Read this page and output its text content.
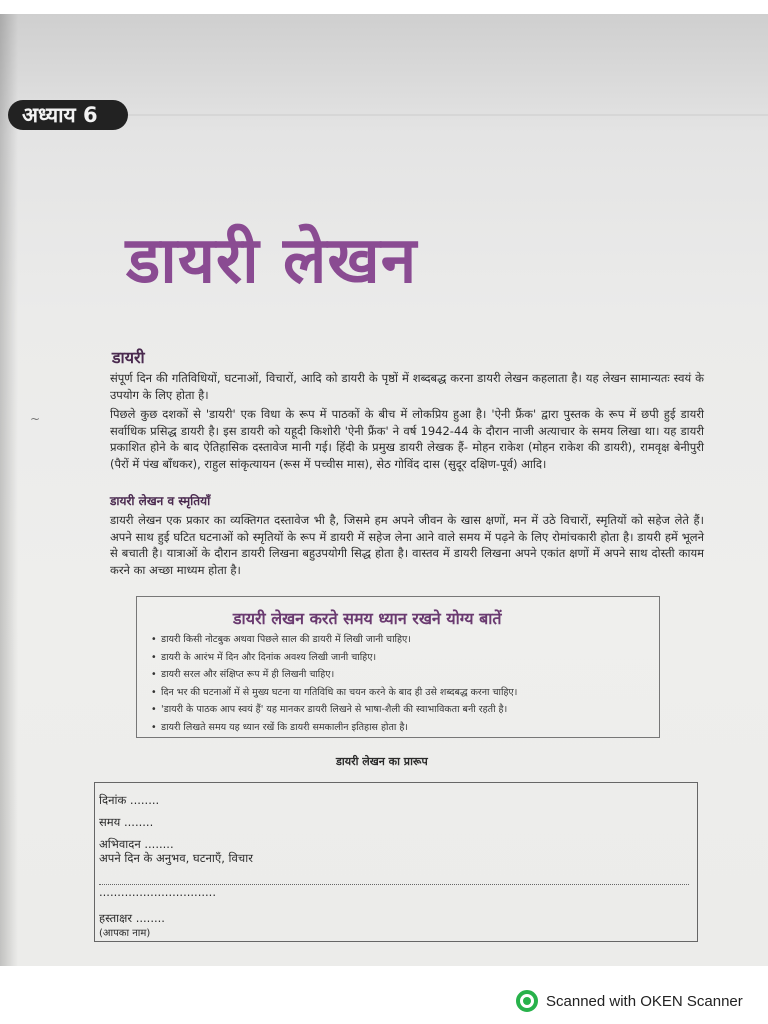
अध्याय 6
डायरी लेखन
डायरी
संपूर्ण दिन की गतिविधियों, घटनाओं, विचारों, आदि को डायरी के पृष्ठों में शब्दबद्ध करना डायरी लेखन कहलाता है। यह लेखन सामान्यतः स्वयं के उपयोग के लिए होता है।
पिछले कुछ दशकों से 'डायरी' एक विधा के रूप में पाठकों के बीच में लोकप्रिय हुआ है। 'ऐनी फ्रैंक' द्वारा पुस्तक के रूप में छपी हुई डायरी सर्वाधिक प्रसिद्ध डायरी है। इस डायरी को यहूदी किशोरी 'ऐनी फ्रैंक' ने वर्ष 1942-44 के दौरान नाजी अत्याचार के समय लिखा था। यह डायरी प्रकाशित होने के बाद ऐतिहासिक दस्तावेज मानी गई। हिंदी के प्रमुख डायरी लेखक हैं- मोहन राकेश (मोहन राकेश की डायरी), रामवृक्ष बेनीपुरी (पैरों में पंख बाँधकर), राहुल सांकृत्यायन (रूस में पच्चीस मास), सेठ गोविंद दास (सुदूर दक्षिण-पूर्व) आदि।
डायरी लेखन व स्मृतियाँ
डायरी लेखन एक प्रकार का व्यक्तिगत दस्तावेज भी है, जिसमे हम अपने जीवन के खास क्षणों, मन में उठे विचारों, स्मृतियों को सहेज लेते हैं। अपने साथ हुई घटित घटनाओं को स्मृतियों के रूप में डायरी में सहेज लेना आने वाले समय में पढ़ने के लिए रोमांचकारी होता है। डायरी हमें भूलने से बचाती है। यात्राओं के दौरान डायरी लिखना बहुउपयोगी सिद्ध होता है। वास्तव में डायरी लिखना अपने एकांत क्षणों में अपने साथ दोस्ती कायम करने का अच्छा माध्यम होता है।
~
डायरी लेखन करते समय ध्यान रखने योग्य बातें
• डायरी किसी नोटबुक अथवा पिछले साल की डायरी में लिखी जानी चाहिए।
• डायरी के आरंभ में दिन और दिनांक अवश्य लिखी जानी चाहिए।
• डायरी सरल और संक्षिप्त रूप में ही लिखनी चाहिए।
• दिन भर की घटनाओं में से मुख्य घटना या गतिविधि का चयन करने के बाद ही उसे शब्दबद्ध करना चाहिए।
• 'डायरी के पाठक आप स्वयं हैं' यह मानकर डायरी लिखने से भाषा-शैली की स्वाभाविकता बनी रहती है।
• डायरी लिखते समय यह ध्यान रखें कि डायरी समकालीन इतिहास होता है।
डायरी लेखन का प्रारूप
दिनांक ........
समय ........
अभिवादन ........
अपने दिन के अनुभव, घटनाएँ, विचार
................................
हस्ताक्षर ........
(आपका नाम)
Scanned with OKEN Scanner
